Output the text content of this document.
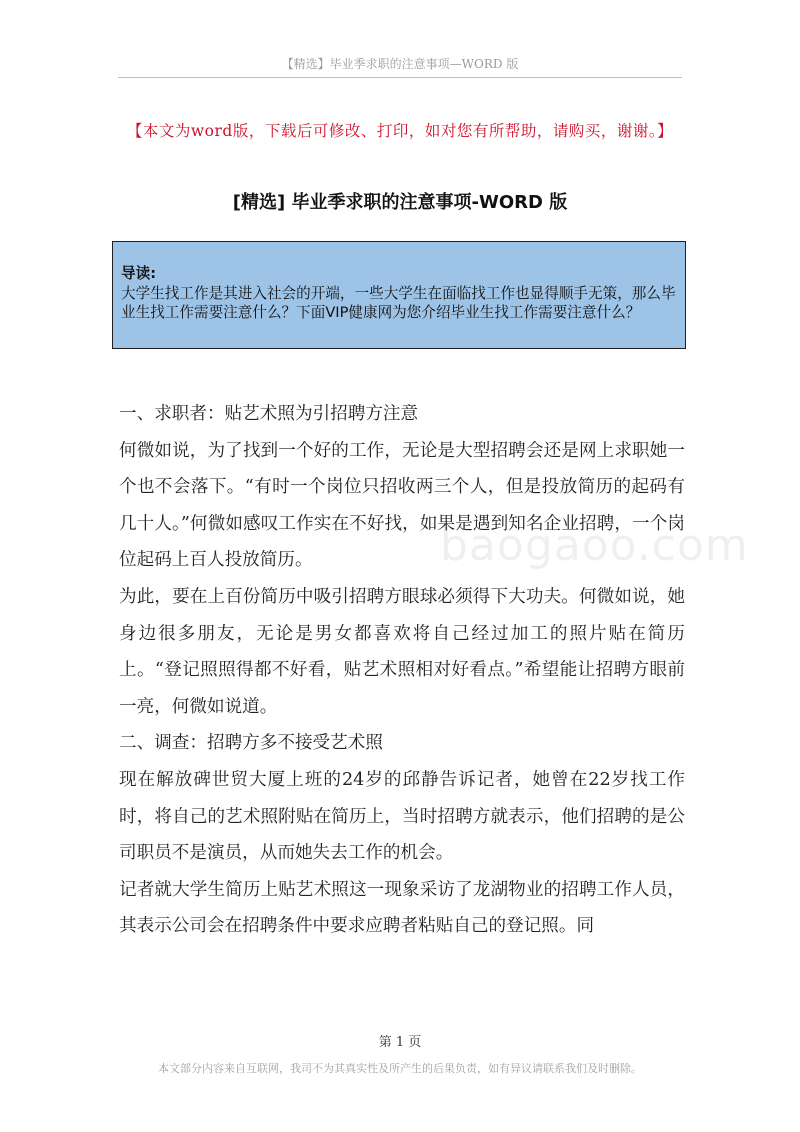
【精选】毕业季求职的注意事项—WORD 版
【本文为word版，下载后可修改、打印，如对您有所帮助，请购买，谢谢。】
[精选] 毕业季求职的注意事项-WORD 版
导读:
大学生找工作是其进入社会的开端，一些大学生在面临找工作也显得顺手无策，那么毕业生找工作需要注意什么？下面VIP健康网为您介绍毕业生找工作需要注意什么？

一、求职者：贴艺术照为引招聘方注意

何微如说，为了找到一个好的工作，无论是大型招聘会还是网上求职她一个也不会落下。“有时一个岗位只招收两三个人，但是投放简历的起码有几十人。”何微如感叹工作实在不好找，如果是遇到知名企业招聘，一个岗位起码上百人投放简历。

为此，要在上百份简历中吸引招聘方眼球必须得下大功夫。何微如说，她身边很多朋友，无论是男女都喜欢将自己经过加工的照片贴在简历上。“登记照照得都不好看，贴艺术照相对好看点。”希望能让招聘方眼前一亮，何微如说道。

二、调查：招聘方多不接受艺术照

现在解放碑世贸大厦上班的24岁的邱静告诉记者，她曾在22岁找工作时，将自己的艺术照附贴在简历上，当时招聘方就表示，他们招聘的是公司职员不是演员，从而她失去工作的机会。

记者就大学生简历上贴艺术照这一现象采访了龙湖物业的招聘工作人员，其表示公司会在招聘条件中要求应聘者粘贴自己的登记照。同

baogaoo.com
第 1 页
本文部分内容来自互联网，我司不为其真实性及所产生的后果负责，如有异议请联系我们及时删除。
